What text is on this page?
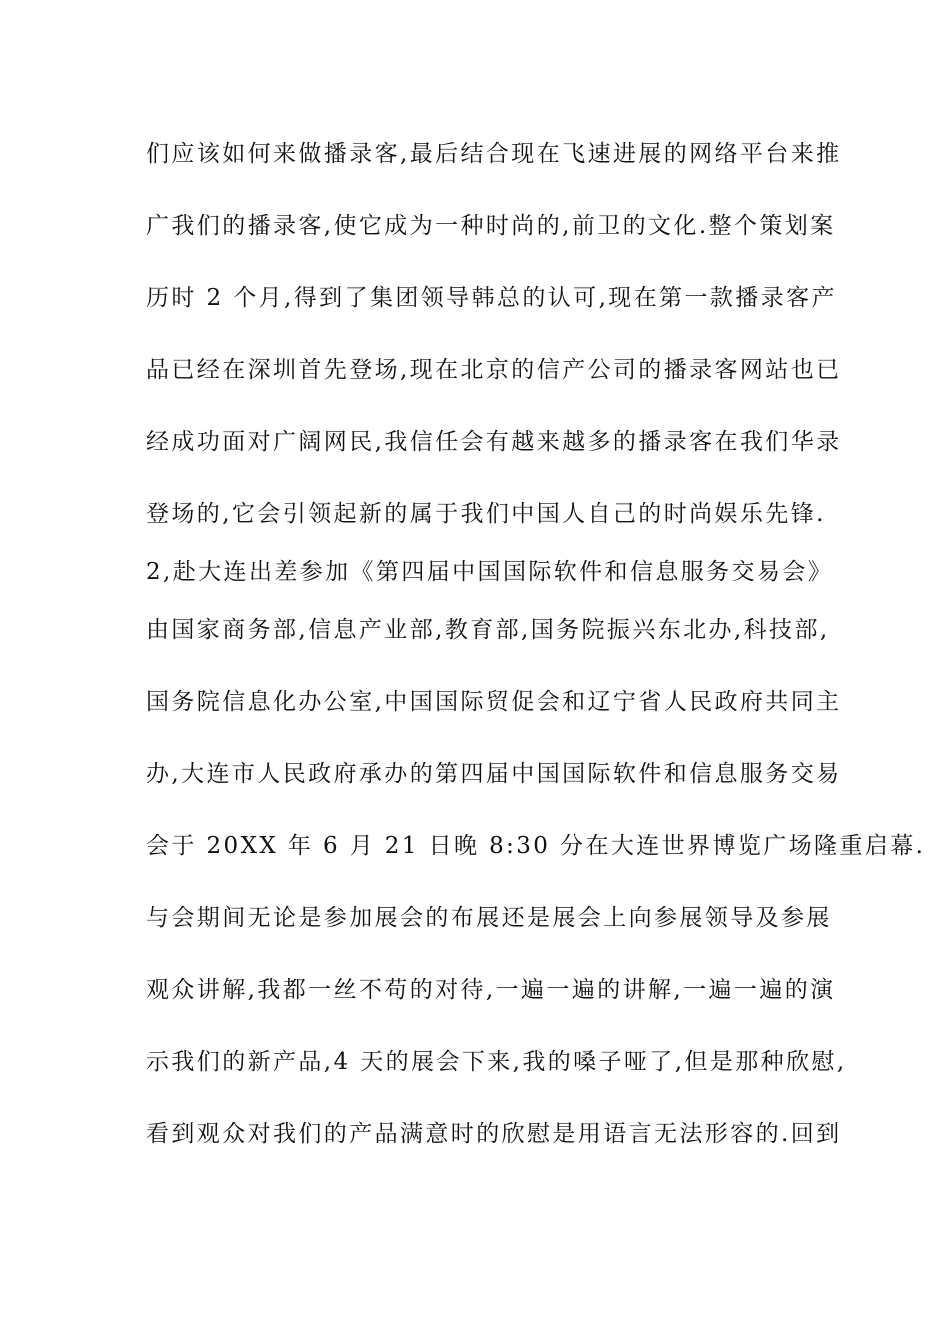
们应该如何来做播录客,最后结合现在飞速进展的网络平台来推
广我们的播录客,使它成为一种时尚的,前卫的文化.整个策划案
历时 2 个月,得到了集团领导韩总的认可,现在第一款播录客产
品已经在深圳首先登场,现在北京的信产公司的播录客网站也已
经成功面对广阔网民,我信任会有越来越多的播录客在我们华录
登场的,它会引领起新的属于我们中国人自己的时尚娱乐先锋.
2,赴大连出差参加《第四届中国国际软件和信息服务交易会》
由国家商务部,信息产业部,教育部,国务院振兴东北办,科技部,
国务院信息化办公室,中国国际贸促会和辽宁省人民政府共同主
办,大连市人民政府承办的第四届中国国际软件和信息服务交易
会于 20XX 年 6 月 21 日晚 8:30 分在大连世界博览广场隆重启幕.
与会期间无论是参加展会的布展还是展会上向参展领导及参展
观众讲解,我都一丝不苟的对待,一遍一遍的讲解,一遍一遍的演
示我们的新产品,4 天的展会下来,我的嗓子哑了,但是那种欣慰,
看到观众对我们的产品满意时的欣慰是用语言无法形容的.回到
